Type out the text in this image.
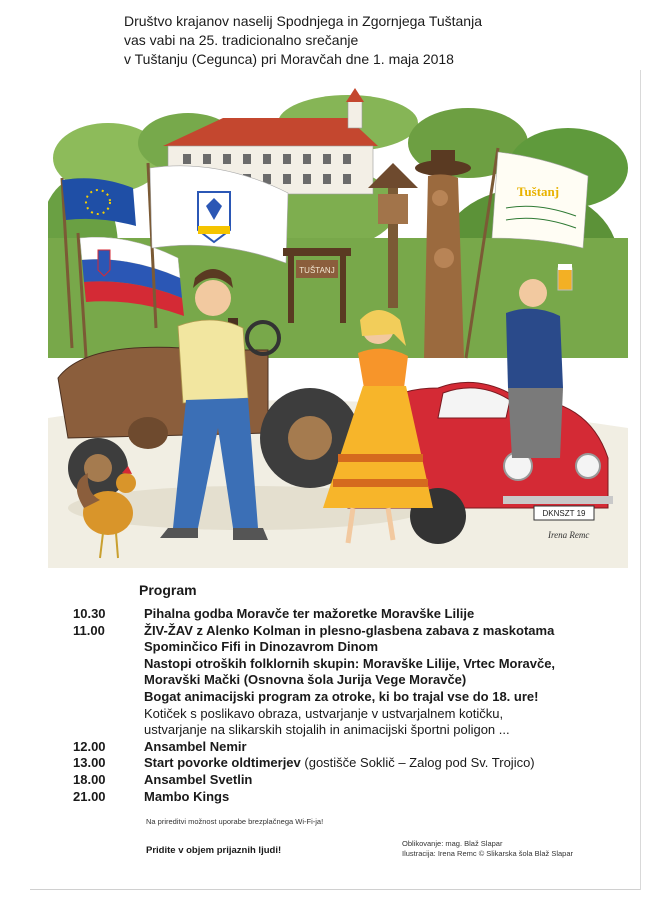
Društvo krajanov naselij Spodnjega in Zgornjega Tuštanja
vas vabi na 25. tradicionalno srečanje
v Tuštanju (Cegunca) pri Moravčah dne 1. maja 2018
TUŠTANJ
Tuštanj
DKNSZT 19
Irena Remc
Program
10.30	Pihalna godba Moravče ter mažoretke Moravške Lilije
11.00	ŽIV-ŽAV z Alenko Kolman in plesno-glasbena zabava z maskotama
Spominčico Fifi in Dinozavrom Dinom
Nastopi otroških folklornih skupin: Moravške Lilije, Vrtec Moravče,
Moravški Mački (Osnovna šola Jurija Vege Moravče)
Bogat animacijski program za otroke, ki bo trajal vse do 18. ure!
Kotiček s poslikavo obraza, ustvarjanje v ustvarjalnem kotičku,
ustvarjanje na slikarskih stojalih in animacijski športni poligon ...
12.00	Ansambel Nemir
13.00	Start povorke oldtimerjev (gostišče Soklič – Zalog pod Sv. Trojico)
18.00	Ansambel Svetlin
21.00	Mambo Kings
Na prireditvi možnost uporabe brezplačnega Wi-Fi-ja!
Pridite v objem prijaznih ljudi!
Oblikovanje: mag. Blaž Slapar
Ilustracija: Irena Remc © Slikarska šola Blaž Slapar
